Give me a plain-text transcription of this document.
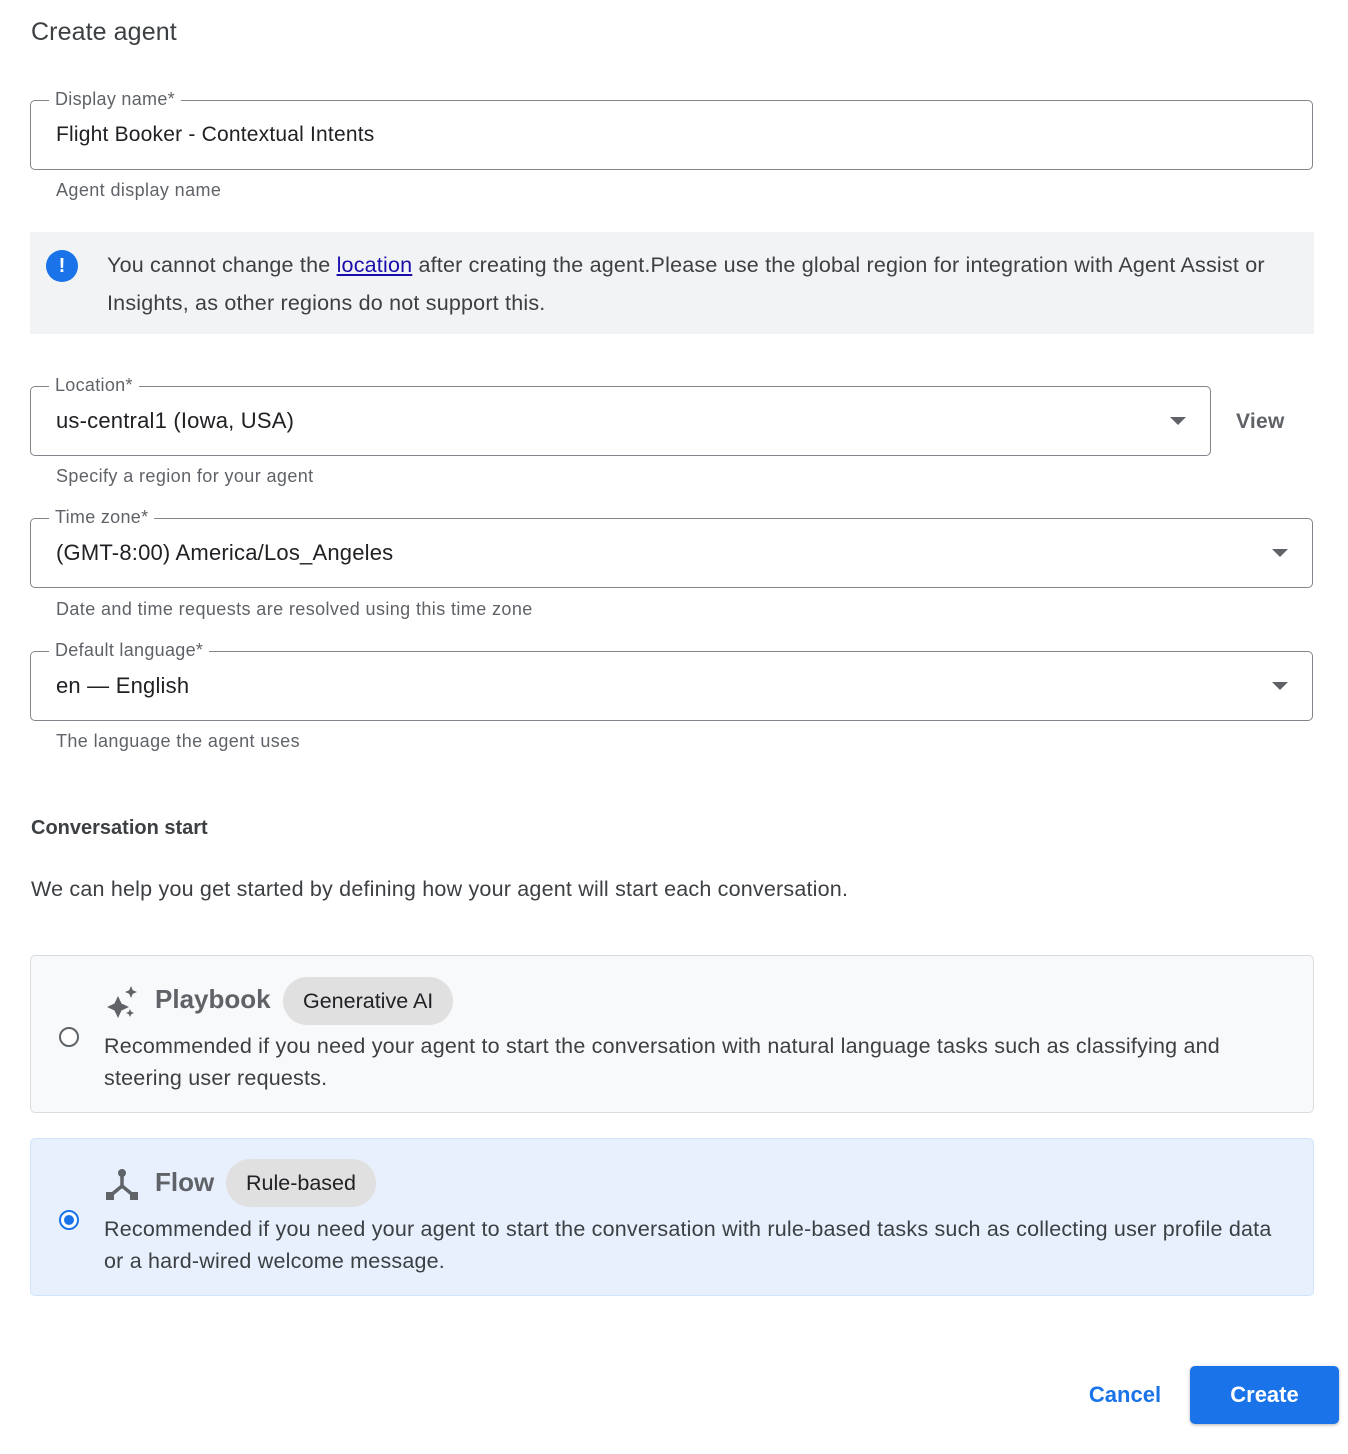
Create agent
Display name*
Flight Booker - Contextual Intents
Agent display name
!	You cannot change the location after creating the agent.Please use the global region for integration with Agent Assist or Insights, as other regions do not support this.
Location*
us-central1 (Iowa, USA)	View
Specify a region for your agent
Time zone*
(GMT-8:00) America/Los_Angeles
Date and time requests are resolved using this time zone
Default language*
en — English
The language the agent uses
Conversation start
We can help you get started by defining how your agent will start each conversation.
Playbook	Generative AI
Recommended if you need your agent to start the conversation with natural language tasks such as classifying and steering user requests.
Flow	Rule-based
Recommended if you need your agent to start the conversation with rule-based tasks such as collecting user profile data or a hard-wired welcome message.
Cancel	Create
